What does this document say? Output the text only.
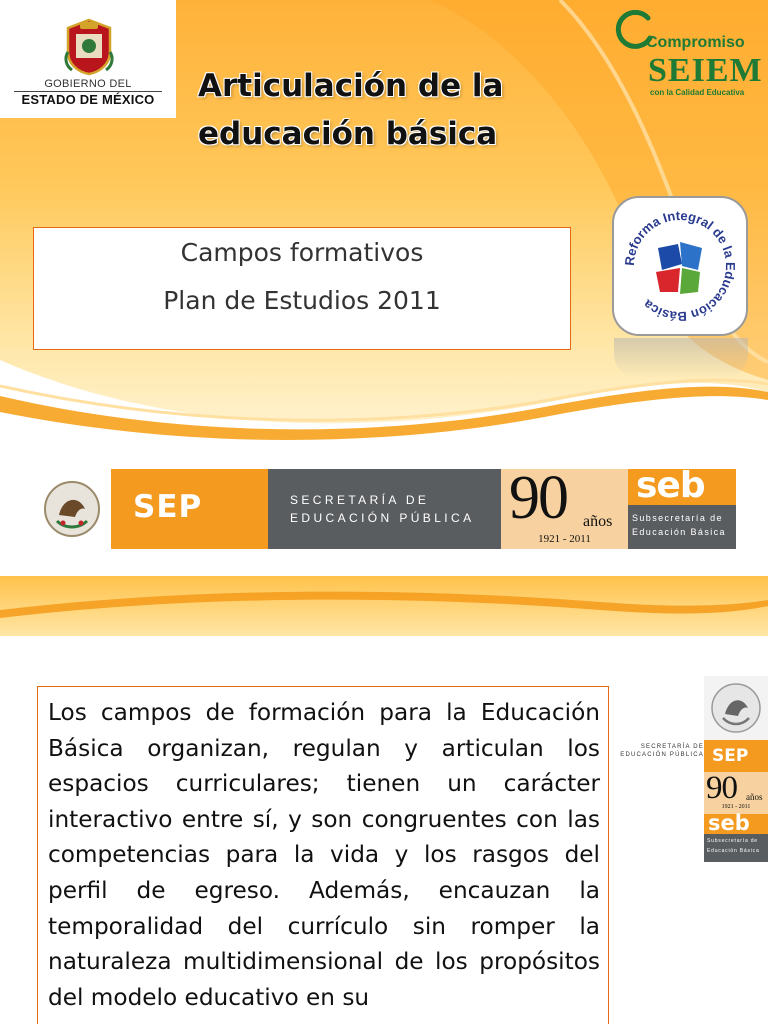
GOBIERNO DEL
ESTADO DE MÉXICO	Articulación de la
educación básica
Compromiso
SEIEM
con la Calidad Educativa
Campos formativos
Plan de Estudios 2011
Reforma Integral de la Educación Básica
SEP	SECRETARÍA DE
EDUCACIÓN PÚBLICA 90 años
1921 - 2011
seb
Subsecretaría de
Educación Básica

Los campos de formación para la Educación Básica organizan, regulan y articulan los espacios curriculares; tienen un carácter interactivo entre sí, y son congruentes con las competencias para la vida y los rasgos del perfil de egreso. Además, encauzan la temporalidad del currículo sin romper la naturaleza multidimensional de los propósitos del modelo educativo en su

SECRETARÍA DE
EDUCACIÓN PÚBLICA SEP
90 años
1921 - 2011
seb
Subsecretaría de
Educación Básica
